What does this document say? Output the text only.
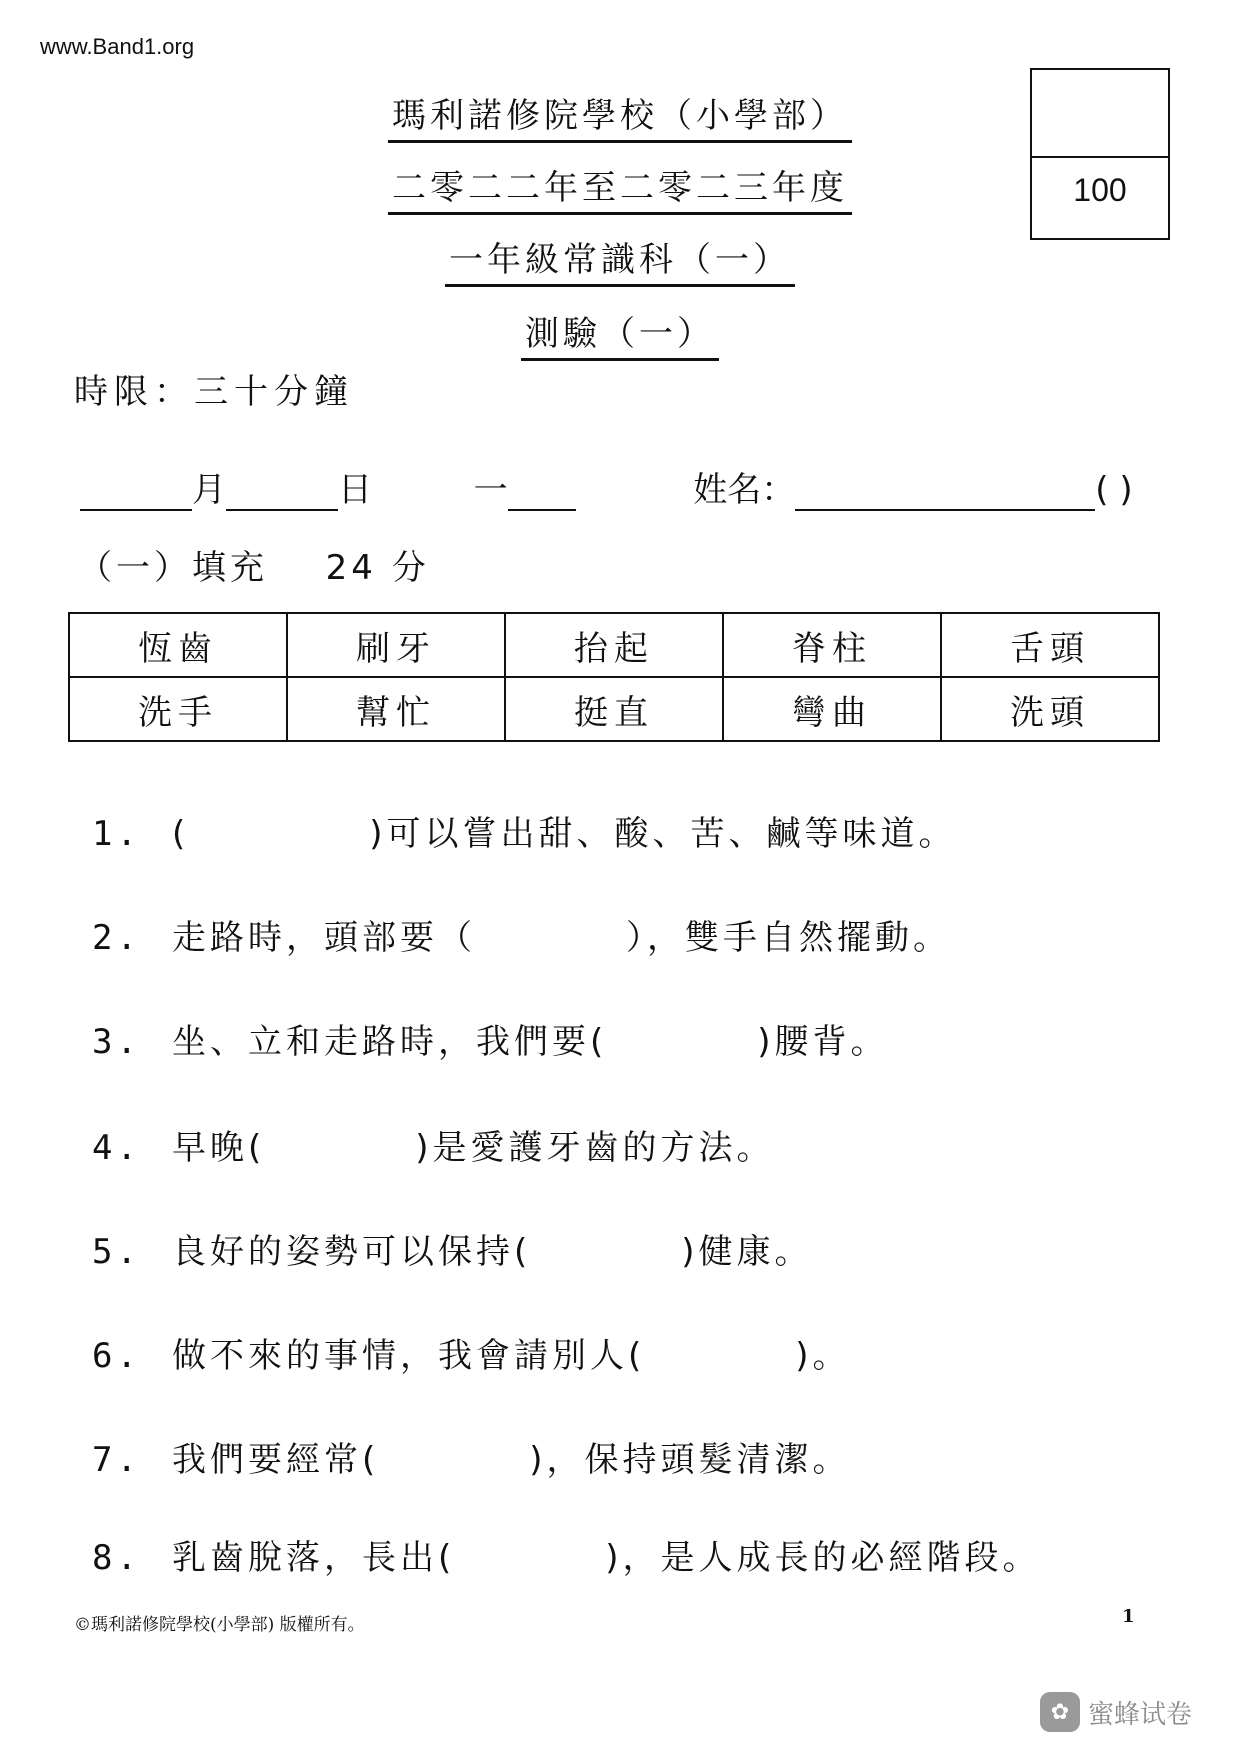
www.Band1.org
瑪利諾修院學校（小學部）
二零二二年至二零二三年度
一年級常識科（一）
測驗（一）
100
時限：三十分鐘
月	日	一	姓名：	( )
（一）填充 24 分
恆齒	刷牙	抬起	脊柱	舌頭
洗手	幫忙	挺直	彎曲	洗頭
1. (	)可以嘗出甜、酸、苦、鹹等味道。
2. 走路時，頭部要（	），雙手自然擺動。
3. 坐、立和走路時，我們要(	)腰背。
4. 早晚(	)是愛護牙齒的方法。
5. 良好的姿勢可以保持(	)健康。
6. 做不來的事情，我會請別人(	)。
7. 我們要經常(	)，保持頭髮清潔。
8. 乳齒脫落，長出(	)，是人成長的必經階段。
©瑪利諾修院學校(小學部) 版權所有。	1
✿ 蜜蜂试卷
